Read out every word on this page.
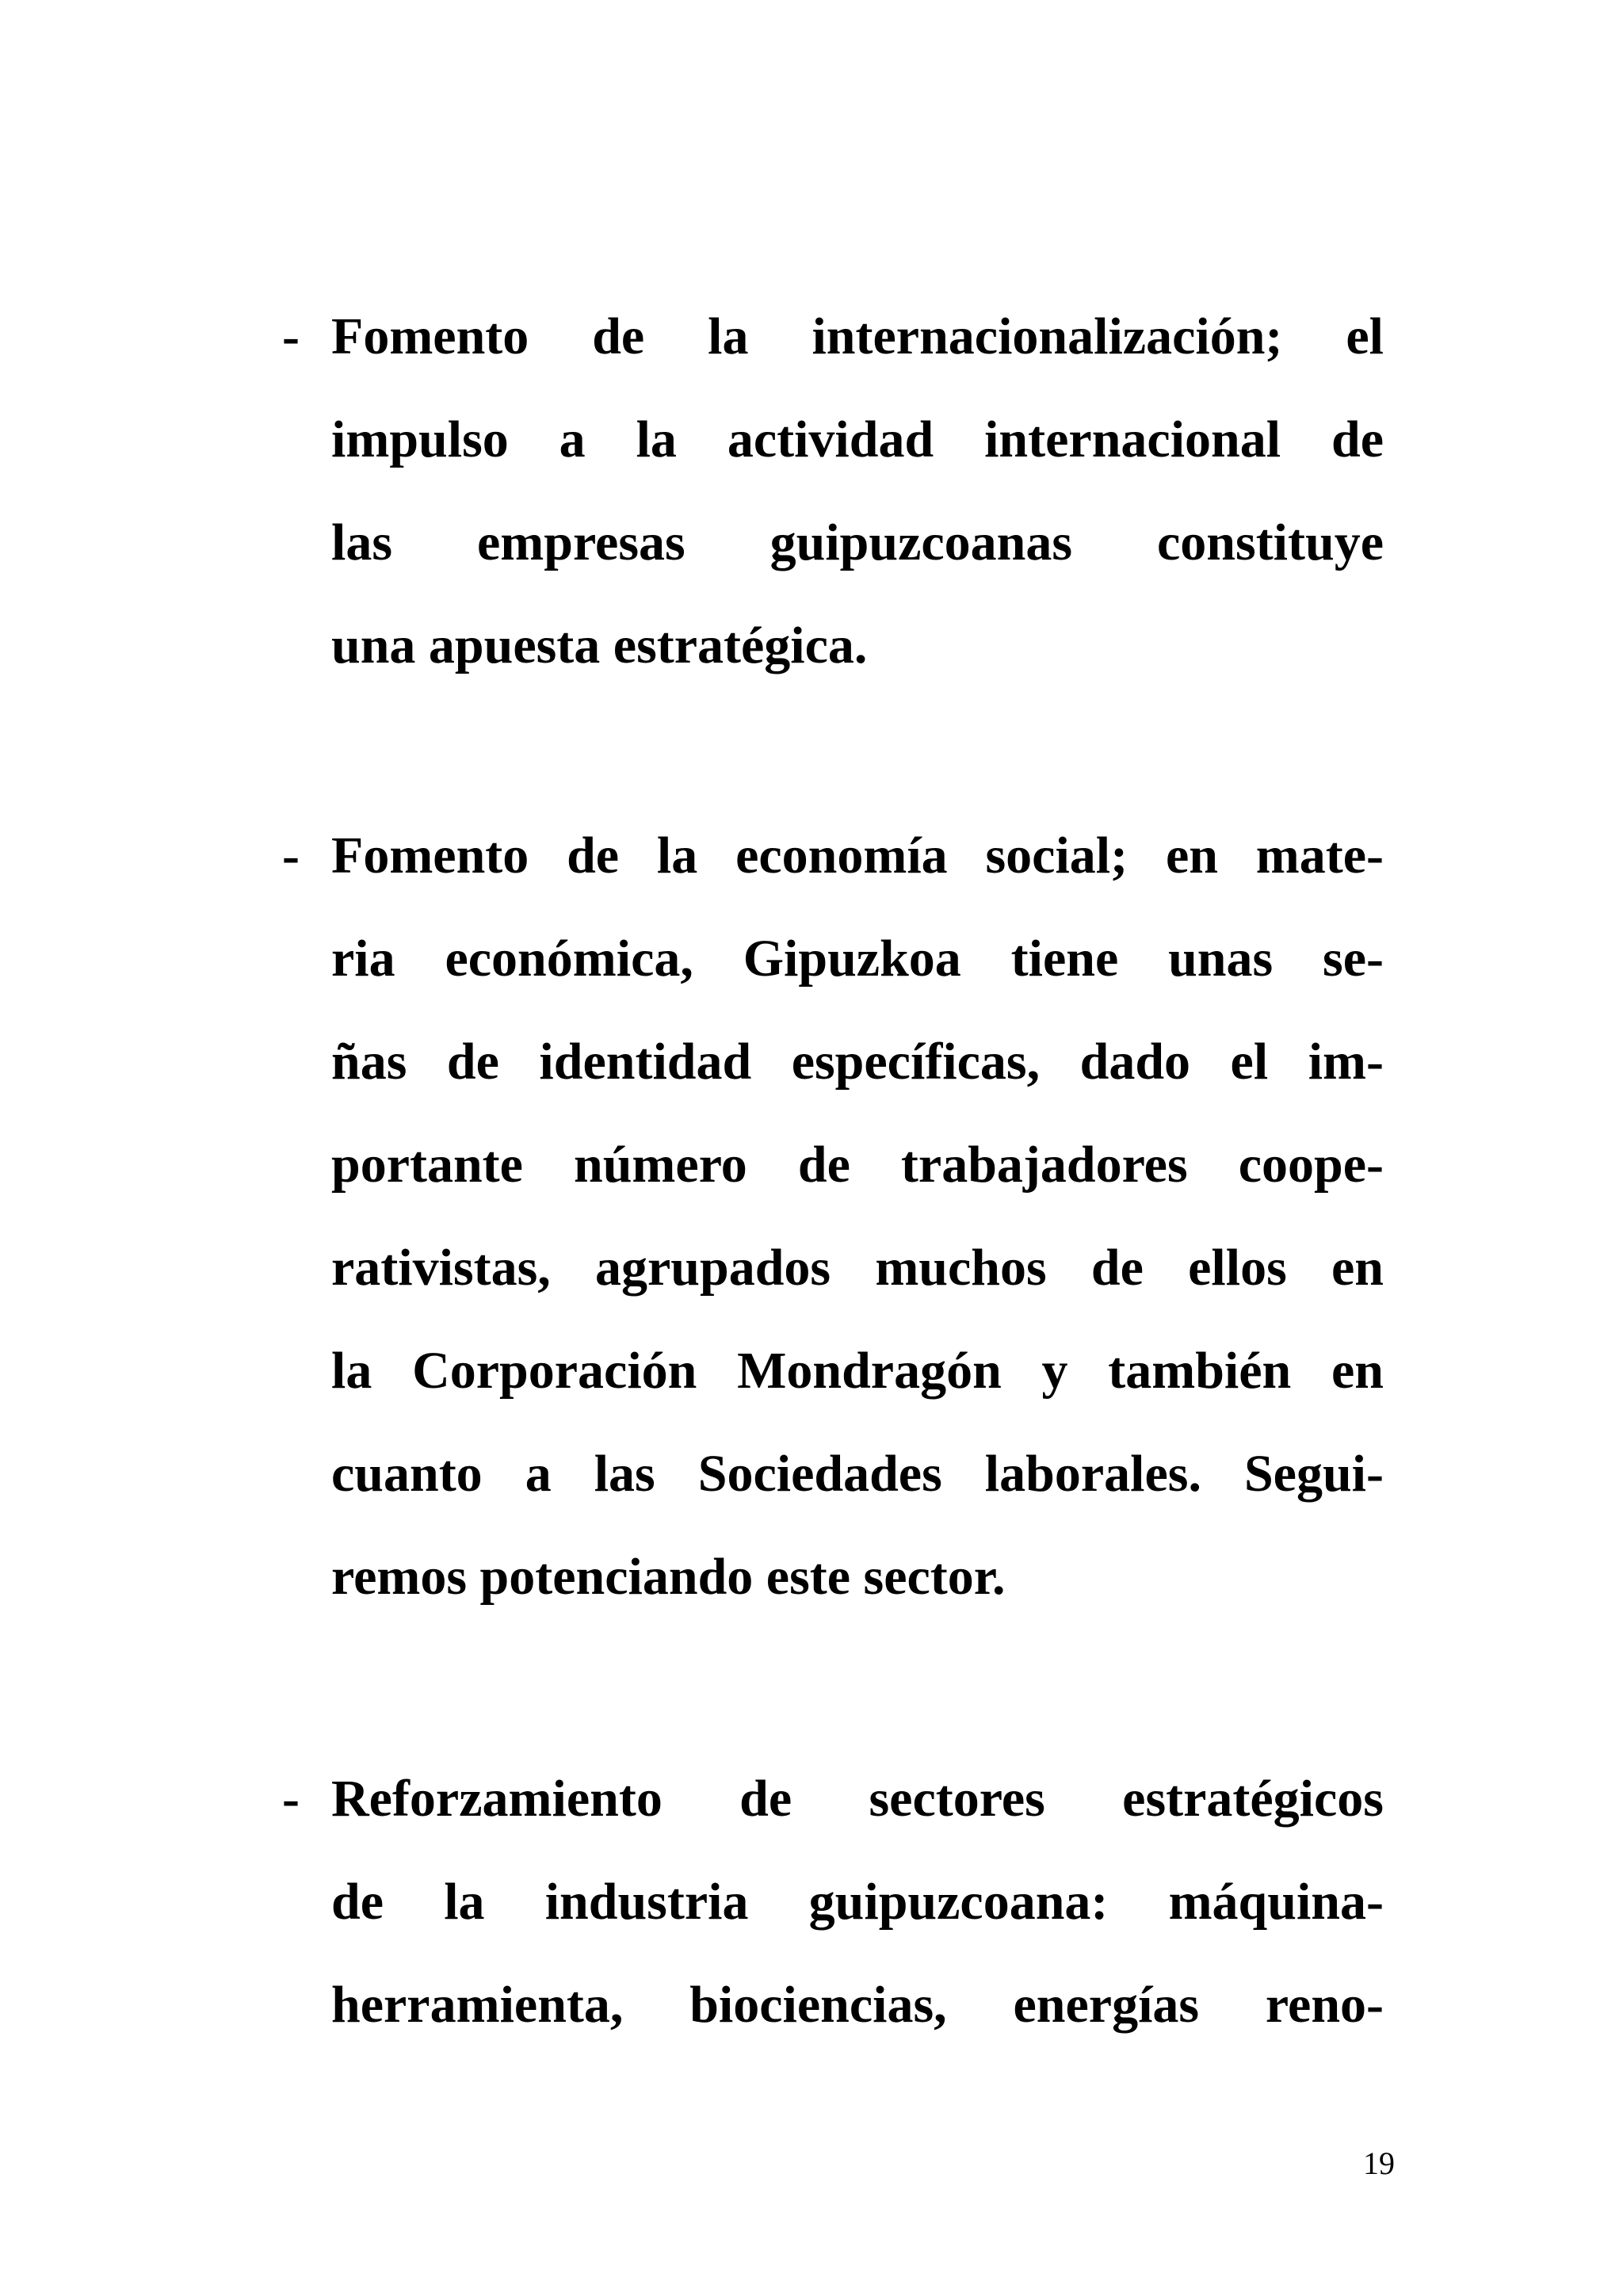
- Fomento de la internacionalización; el
impulso a la actividad internacional de
las empresas guipuzcoanas constituye
una apuesta estratégica.
- Fomento de la economía social; en mate-
ria económica, Gipuzkoa tiene unas se-
ñas de identidad específicas, dado el im-
portante número de trabajadores coope-
rativistas, agrupados muchos de ellos en
la Corporación Mondragón y también en
cuanto a las Sociedades laborales. Segui-
remos potenciando este sector.
- Reforzamiento de sectores estratégicos
de la industria guipuzcoana: máquina-
herramienta, biociencias, energías reno-
19
